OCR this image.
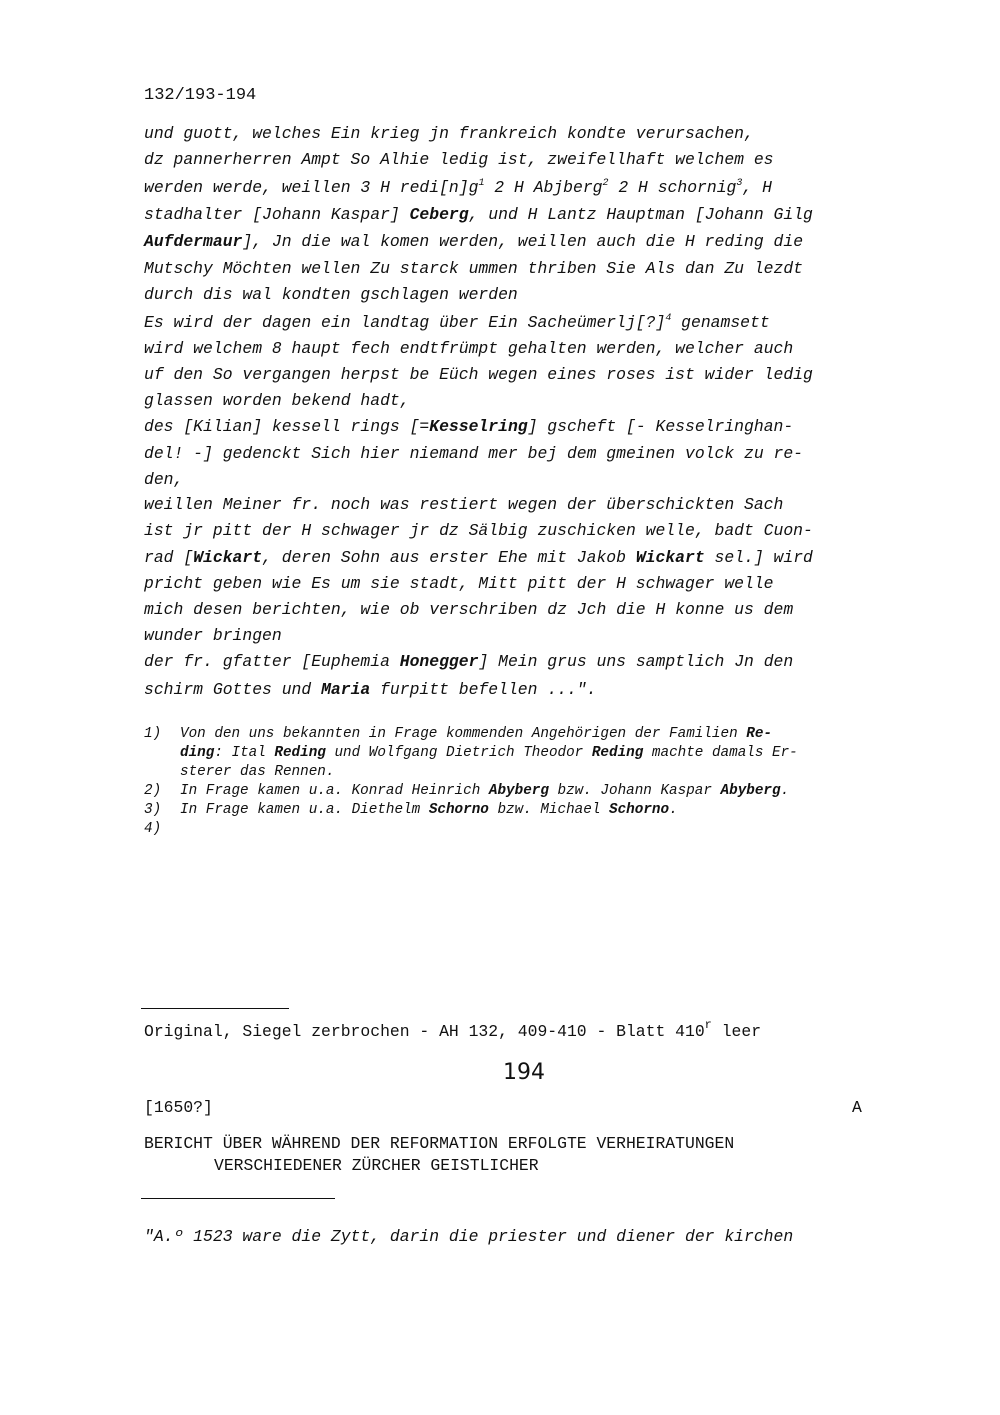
132/193-194
und guott, welches Ein krieg jn frankreich kondte verursachen,
dz pannerherren Ampt So Alhie ledig ist, zweifellhaft welchem es
werden werde, weillen 3 H $redi[n]g^1$ 2 H Abjberg$^2$ 2 H schornig$^3$, H
stadhalter [Johann Kaspar] Ceberg, und H Lantz Hauptman [Johann Gilg
Aufdermaur], Jn die wal komen werden, weillen auch die H reding die
Mutschy Möchten wellen Zu starck ummen thriben Sie Als dan Zu lezdt
durch dis wal kondten gschlagen werden
Es wird der dagen ein landtag über Ein Sacheümerlj[?]$^4$ genamsett
wird welchem 8 haupt fech endtfrümpt gehalten werden, welcher auch
uf den So vergangen herpst be Eüch wegen eines roses ist wider ledig
glassen worden bekend hadt,
des [Kilian] kessell rings [=Kesselring] gscheft [- Kesselringhan-
del! -] gedenckt Sich hier niemand mer bej dem gmeinen volck zu re-
den,
weillen Meiner fr. noch was restiert wegen der überschickten Sach
ist jr pitt der H schwager jr dz Sälbig zuschicken welle, badt Cuon-
rad [Wickart, deren Sohn aus erster Ehe mit Jakob Wickart sel.] wird
pricht geben wie Es um sie stadt, Mitt pitt der H schwager welle
mich desen berichten, wie ob verschriben dz Jch die H konne us dem
wunder bringen
der fr. gfatter [Euphemia Honegger] Mein grus uns samptlich Jn den
schirm Gottes und Maria furpitt befellen ...".
1) Von den uns bekannten in Frage kommenden Angehörigen der Familien Re-
ding: Ital Reding und Wolfgang Dietrich Theodor Reding machte damals Er-
sterer das Rennen.
2) In Frage kamen u.a. Konrad Heinrich Abyberg bzw. Johann Kaspar Abyberg.
3) In Frage kamen u.a. Diethelm Schorno bzw. Michael Schorno.
4)
Original, Siegel zerbrochen - AH 132, 409-410 - Blatt 410$^r$ leer
194
[1650?]	A
BERICHT ÜBER WÄHREND DER REFORMATION ERFOLGTE VERHEIRATUNGEN
VERSCHIEDENER ZÜRCHER GEISTLICHER
"A.º 1523 ware die Zytt, darin die priester und diener der kirchen
